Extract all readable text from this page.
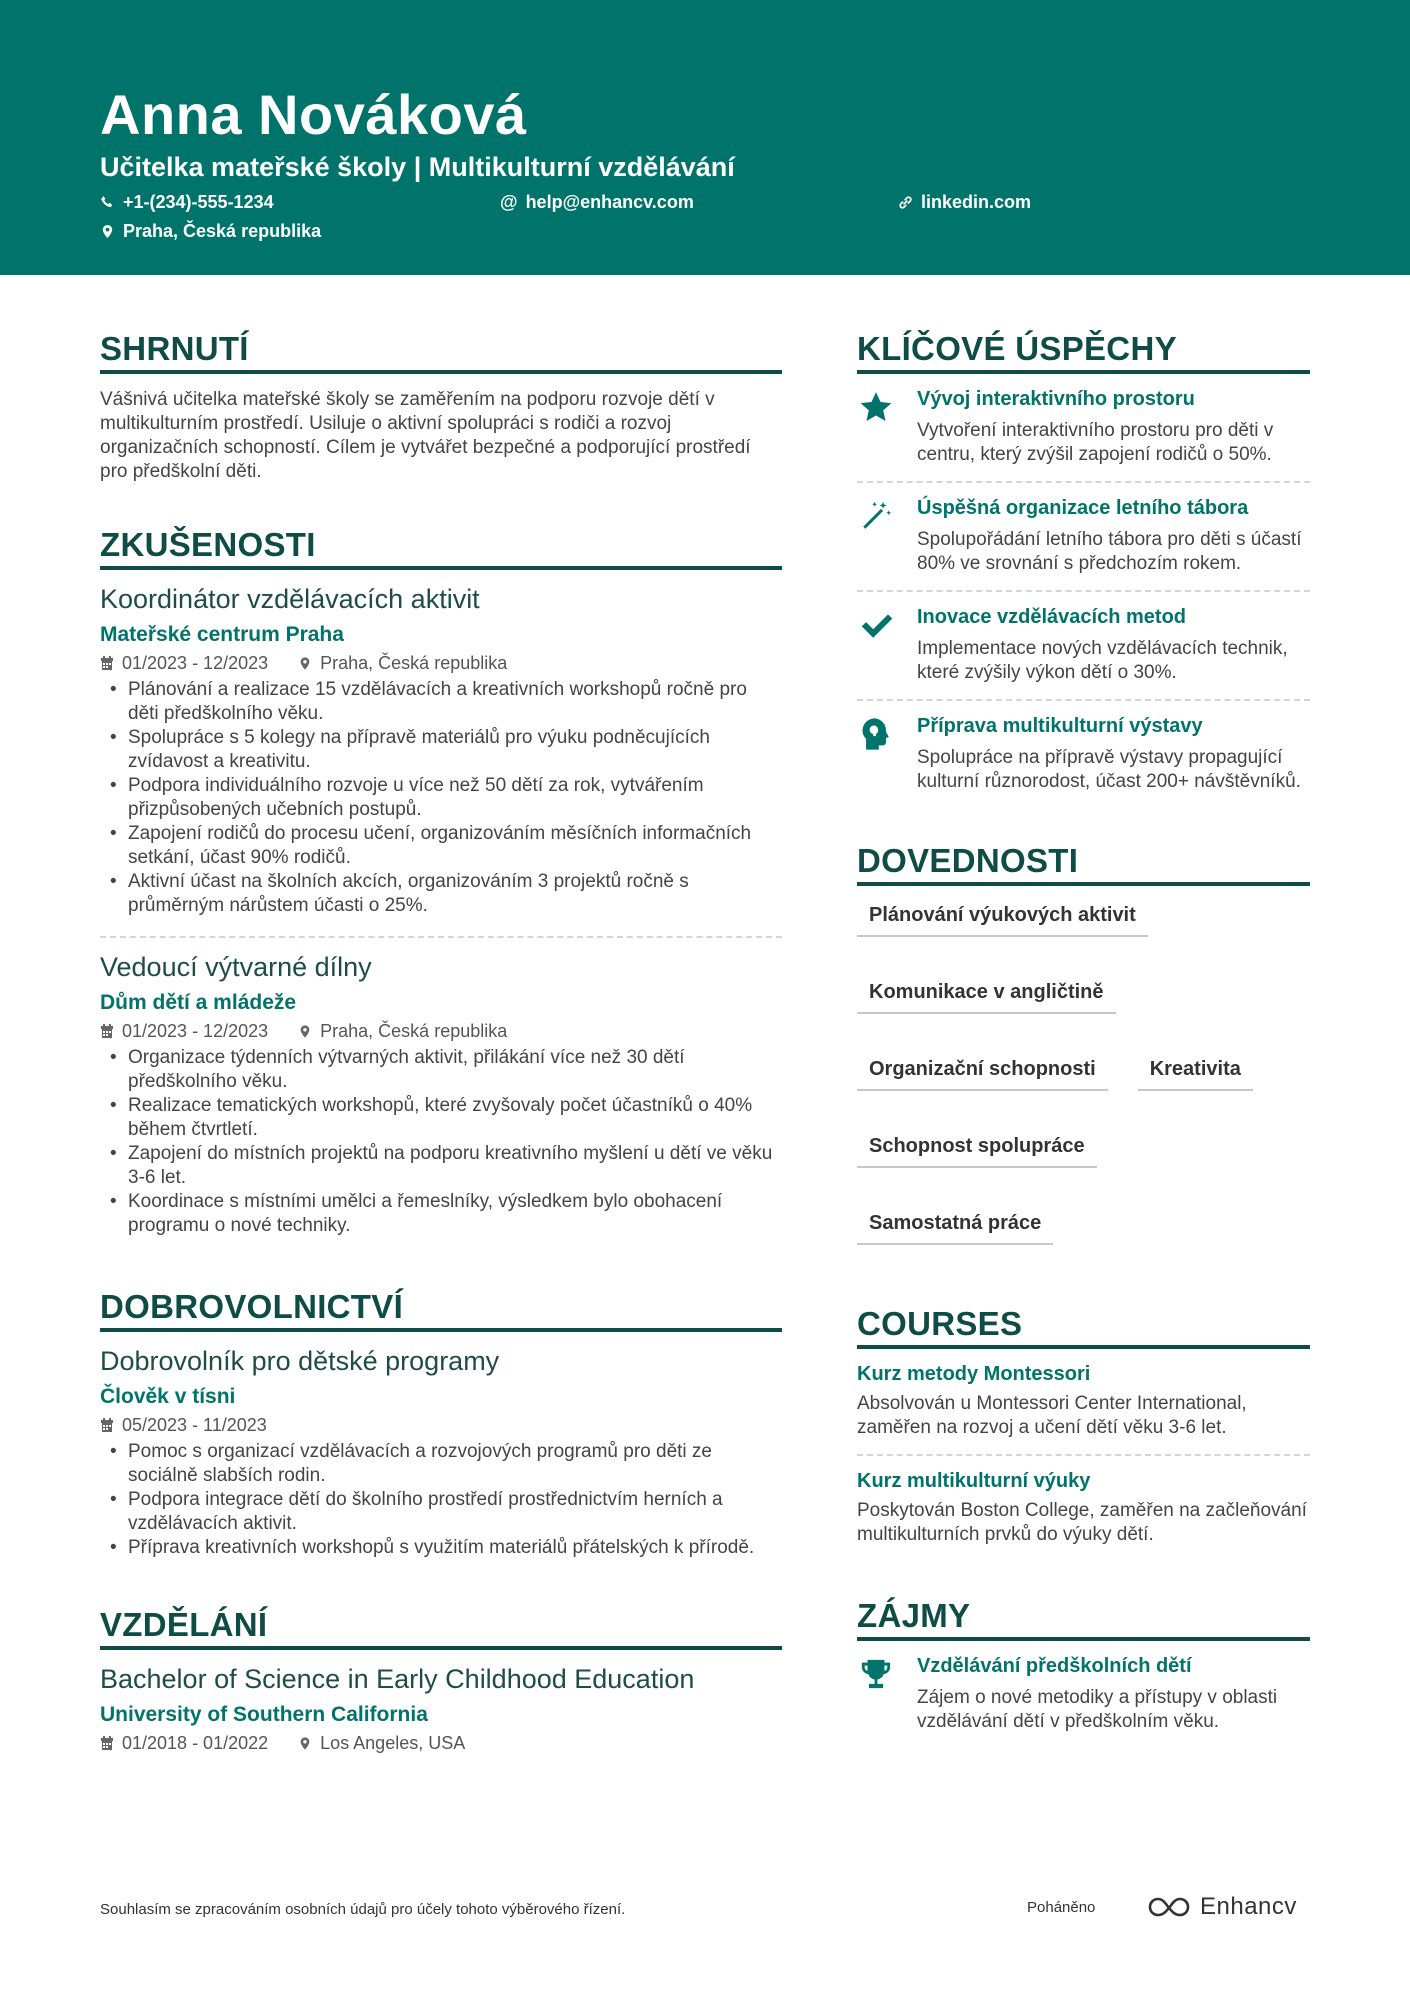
Anna Nováková
Učitelka mateřské školy | Multikulturní vzdělávání
+1-(234)-555-1234	@ help@enhancv.com	linkedin.com
Praha, Česká republika
SHRNUTÍ
Vášnivá učitelka mateřské školy se zaměřením na podporu rozvoje dětí v multikulturním prostředí. Usiluje o aktivní spolupráci s rodiči a rozvoj organizačních schopností. Cílem je vytvářet bezpečné a podporující prostředí pro předškolní děti.
ZKUŠENOSTI
Koordinátor vzdělávacích aktivit
Mateřské centrum Praha
01/2023 - 12/2023	Praha, Česká republika
• Plánování a realizace 15 vzdělávacích a kreativních workshopů ročně pro děti předškolního věku.
• Spolupráce s 5 kolegy na přípravě materiálů pro výuku podněcujících zvídavost a kreativitu.
• Podpora individuálního rozvoje u více než 50 dětí za rok, vytvářením přizpůsobených učebních postupů.
• Zapojení rodičů do procesu učení, organizováním měsíčních informačních setkání, účast 90% rodičů.
• Aktivní účast na školních akcích, organizováním 3 projektů ročně s průměrným nárůstem účasti o 25%.
Vedoucí výtvarné dílny
Dům dětí a mládeže
01/2023 - 12/2023	Praha, Česká republika
• Organizace týdenních výtvarných aktivit, přilákání více než 30 dětí předškolního věku.
• Realizace tematických workshopů, které zvyšovaly počet účastníků o 40% během čtvrtletí.
• Zapojení do místních projektů na podporu kreativního myšlení u dětí ve věku 3-6 let.
• Koordinace s místními umělci a řemeslníky, výsledkem bylo obohacení programu o nové techniky.
DOBROVOLNICTVÍ
Dobrovolník pro dětské programy
Člověk v tísni
05/2023 - 11/2023
• Pomoc s organizací vzdělávacích a rozvojových programů pro děti ze sociálně slabších rodin.
• Podpora integrace dětí do školního prostředí prostřednictvím herních a vzdělávacích aktivit.
• Příprava kreativních workshopů s využitím materiálů přátelských k přírodě.
VZDĚLÁNÍ
Bachelor of Science in Early Childhood Education
University of Southern California
01/2018 - 01/2022	Los Angeles, USA
KLÍČOVÉ ÚSPĚCHY
Vývoj interaktivního prostoru
Vytvoření interaktivního prostoru pro děti v centru, který zvýšil zapojení rodičů o 50%.
Úspěšná organizace letního tábora
Spolupořádání letního tábora pro děti s účastí 80% ve srovnání s předchozím rokem.
Inovace vzdělávacích metod
Implementace nových vzdělávacích technik, které zvýšily výkon dětí o 30%.
Příprava multikulturní výstavy
Spolupráce na přípravě výstavy propagující kulturní různorodost, účast 200+ návštěvníků.
DOVEDNOSTI
Plánování výukových aktivit
Komunikace v angličtině
Organizační schopnosti	Kreativita
Schopnost spolupráce
Samostatná práce
COURSES
Kurz metody Montessori
Absolvován u Montessori Center International, zaměřen na rozvoj a učení dětí věku 3-6 let.
Kurz multikulturní výuky
Poskytován Boston College, zaměřen na začleňování multikulturních prvků do výuky dětí.
ZÁJMY
Vzdělávání předškolních dětí
Zájem o nové metodiky a přístupy v oblasti vzdělávání dětí v předškolním věku.
Souhlasím se zpracováním osobních údajů pro účely tohoto výběrového řízení.	Poháněno	Enhancv
